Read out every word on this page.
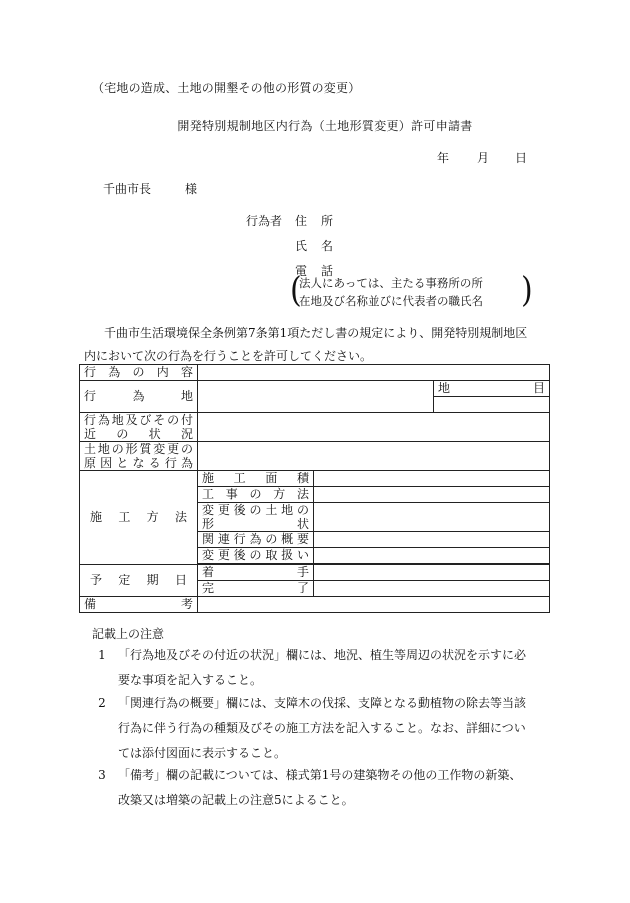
（宅地の造成、土地の開墾その他の形質の変更）
開発特別規制地区内行為（土地形質変更）許可申請書
年 月 日
千曲市長	様
行為者 住所
氏名
電話
(
法人にあっては、主たる事務所の所
在地及び名称並びに代表者の職氏名 )

千曲市生活環境保全条例第7条第1項ただし書の規定により、開発特別規制地区

内において次の行為を行うことを許可してください。

行為の内容			
行為地			地目

行為地及びその付
近の状況			

土地の形質変更の
原因となる行為			

施工方法	施工面積		
	工事の方法		

	変更後の土地の
形 状		

	関連行為の概要		
	変更後の取扱い		

予定期日	着 手		

	完 了		

備考			
記載上の注意
1 「行為地及びその付近の状況」欄には、地況、植生等周辺の状況を示すに必
要な事項を記入すること。
2 「関連行為の概要」欄には、支障木の伐採、支障となる動植物の除去等当該
行為に伴う行為の種類及びその施工方法を記入すること。なお、詳細につい
ては添付図面に表示すること。
3 「備考」欄の記載については、様式第1号の建築物その他の工作物の新築、
改築又は増築の記載上の注意5によること。
